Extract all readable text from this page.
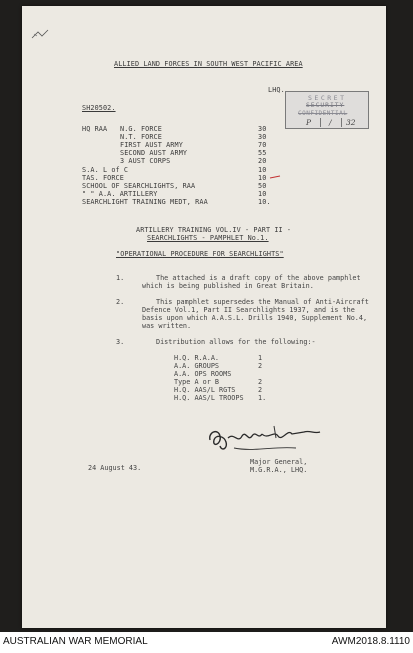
ALLIED LAND FORCES IN SOUTH WEST PACIFIC AREA
LHQ.
SECRET
SECURITY
CONFIDENTIAL
P / 32
SH20502.
HQ RAA N.G. FORCE	30
N.T. FORCE	30
FIRST AUST ARMY	70
SECOND AUST ARMY	55
3 AUST CORPS	20
S.A. L of C	10
TAS. FORCE	10
SCHOOL OF SEARCHLIGHTS, RAA	50
" " A.A. ARTILLERY	10
SEARCHLIGHT TRAINING MEDT, RAA	10.
ARTILLERY TRAINING VOL.IV - PART II -
SEARCHLIGHTS - PAMPHLET No.1.
"OPERATIONAL PROCEDURE FOR SEARCHLIGHTS"
1.	The attached is a draft copy of the above pamphlet
which is being published in Great Britain.
2.	This pamphlet supersedes the Manual of Anti-Aircraft
Defence Vol.1, Part II Searchlights 1937, and is the
basis upon which A.A.S.L. Drills 1940, Supplement No.4,
was written.
3.	Distribution allows for the following:-
H.Q. R.A.A.	1
A.A. GROUPS	2
A.A. OPS ROOMS
Type A or B	2
H.Q. AAS/L RGTS	2
H.Q. AAS/L TROOPS 1.
Major General,
M.G.R.A., LHQ.
24 August 43.
AUSTRALIAN WAR MEMORIAL	AWM2018.8.1110
